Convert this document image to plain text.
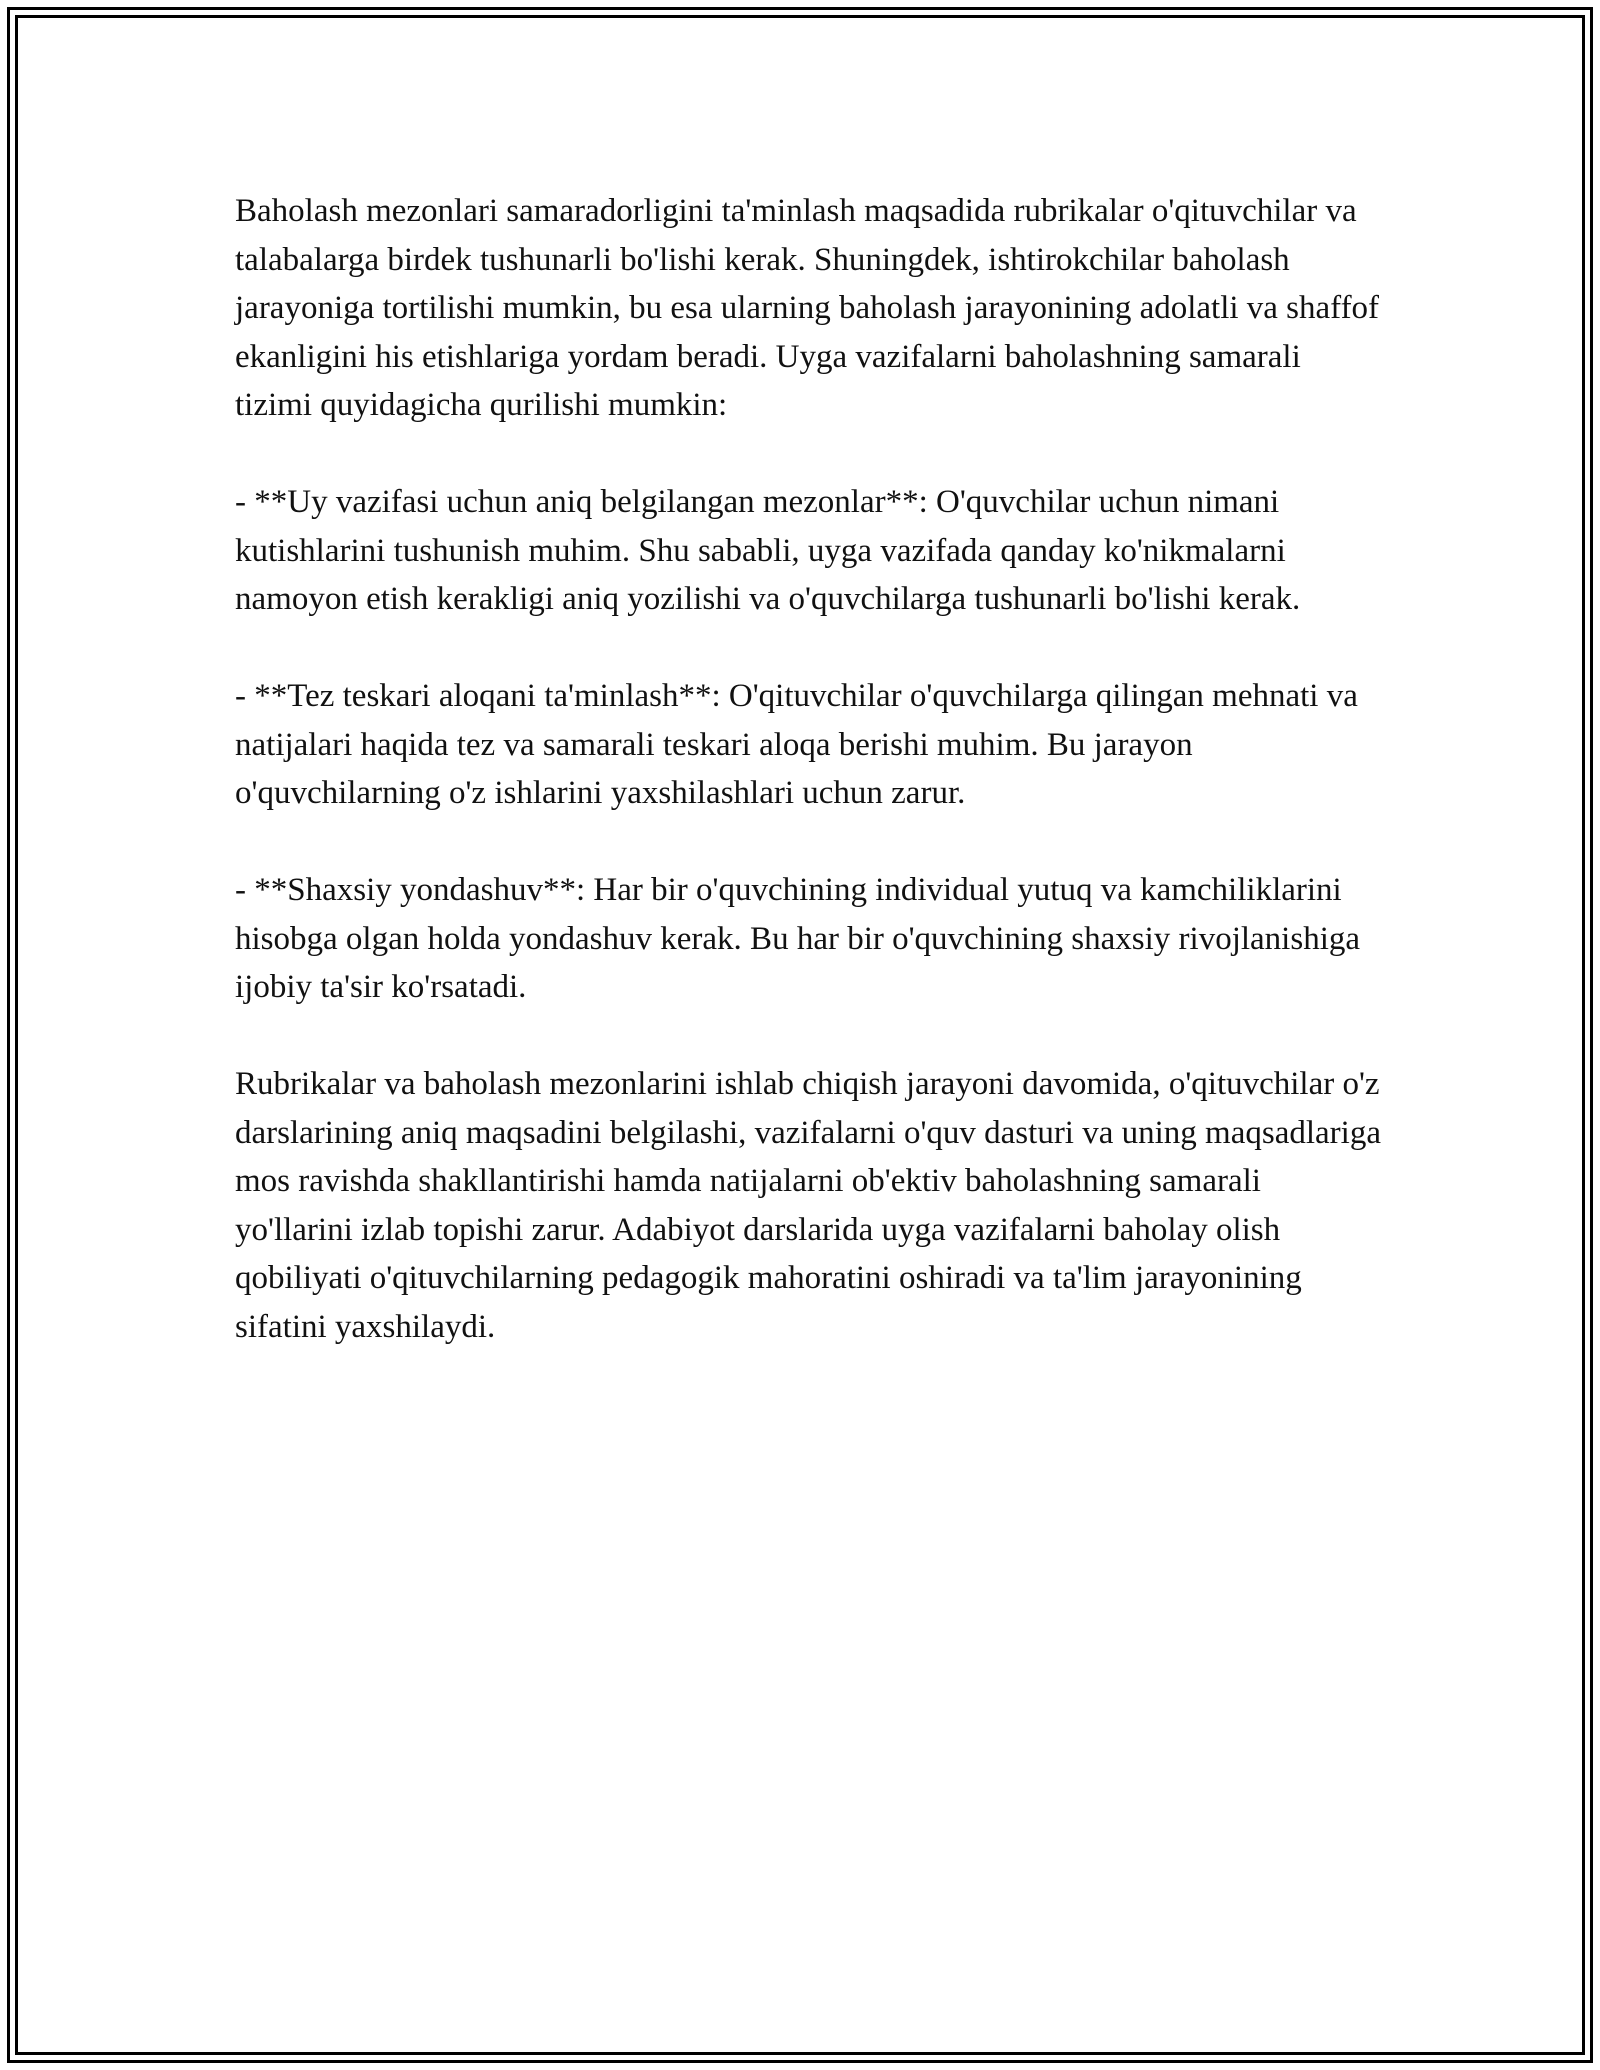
Baholash mezonlari samaradorligini ta'minlash maqsadida rubrikalar o'qituvchilar va talabalarga birdek tushunarli bo'lishi kerak. Shuningdek, ishtirokchilar baholash jarayoniga tortilishi mumkin, bu esa ularning baholash jarayonining adolatli va shaffof ekanligini his etishlariga yordam beradi. Uyga vazifalarni baholashning samarali tizimi quyidagicha qurilishi mumkin:

- **Uy vazifasi uchun aniq belgilangan mezonlar**: O'quvchilar uchun nimani kutishlarini tushunish muhim. Shu sababli, uyga vazifada qanday ko'nikmalarni namoyon etish kerakligi aniq yozilishi va o'quvchilarga tushunarli bo'lishi kerak.

- **Tez teskari aloqani ta'minlash**: O'qituvchilar o'quvchilarga qilingan mehnati va natijalari haqida tez va samarali teskari aloqa berishi muhim. Bu jarayon o'quvchilarning o'z ishlarini yaxshilashlari uchun zarur.

- **Shaxsiy yondashuv**: Har bir o'quvchining individual yutuq va kamchiliklarini hisobga olgan holda yondashuv kerak. Bu har bir o'quvchining shaxsiy rivojlanishiga ijobiy ta'sir ko'rsatadi.

Rubrikalar va baholash mezonlarini ishlab chiqish jarayoni davomida, o'qituvchilar o'z darslarining aniq maqsadini belgilashi, vazifalarni o'quv dasturi va uning maqsadlariga mos ravishda shakllantirishi hamda natijalarni ob'ektiv baholashning samarali yo'llarini izlab topishi zarur. Adabiyot darslarida uyga vazifalarni baholay olish qobiliyati o'qituvchilarning pedagogik mahoratini oshiradi va ta'lim jarayonining sifatini yaxshilaydi.
